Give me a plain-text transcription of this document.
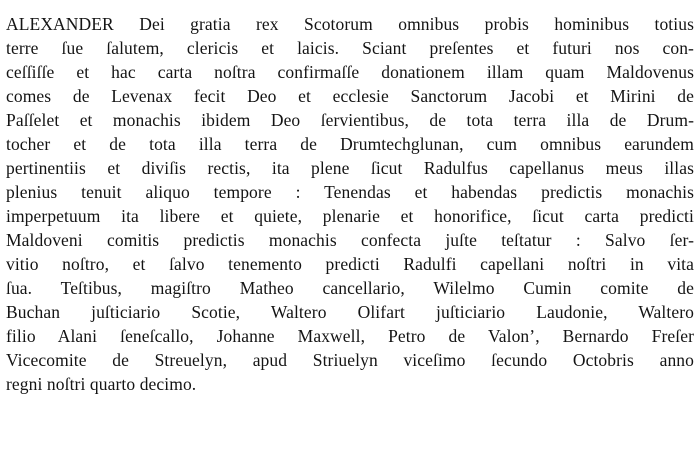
ALEXANDER Dei gratia rex Scotorum omnibus probis hominibus totius
terre ſue ſalutem, clericis et laicis. Sciant preſentes et futuri nos con-
ceſſiſſe et hac carta noſtra confirmaſſe donationem illam quam Maldovenus
comes de Levenax fecit Deo et ecclesie Sanctorum Jacobi et Mirini de
Paſſelet et monachis ibidem Deo ſervientibus, de tota terra illa de Drum-
tocher et de tota illa terra de Drumtechglunan, cum omnibus earundem
pertinentiis et diviſis rectis, ita plene ſicut Radulfus capellanus meus illas
plenius tenuit aliquo tempore : Tenendas et habendas predictis monachis
imperpetuum ita libere et quiete, plenarie et honorifice, ſicut carta predicti
Maldoveni comitis predictis monachis confecta juſte teſtatur : Salvo ſer-
vitio noſtro, et ſalvo tenemento predicti Radulfi capellani noſtri in vita
ſua. Teſtibus, magiſtro Matheo cancellario, Wilelmo Cumin comite de
Buchan juſticiario Scotie, Waltero Olifart juſticiario Laudonie, Waltero
filio Alani ſeneſcallo, Johanne Maxwell, Petro de Valon’, Bernardo Freſer
Vicecomite de Streuelyn, apud Striuelyn viceſimo ſecundo Octobris anno
regni noſtri quarto decimo.
